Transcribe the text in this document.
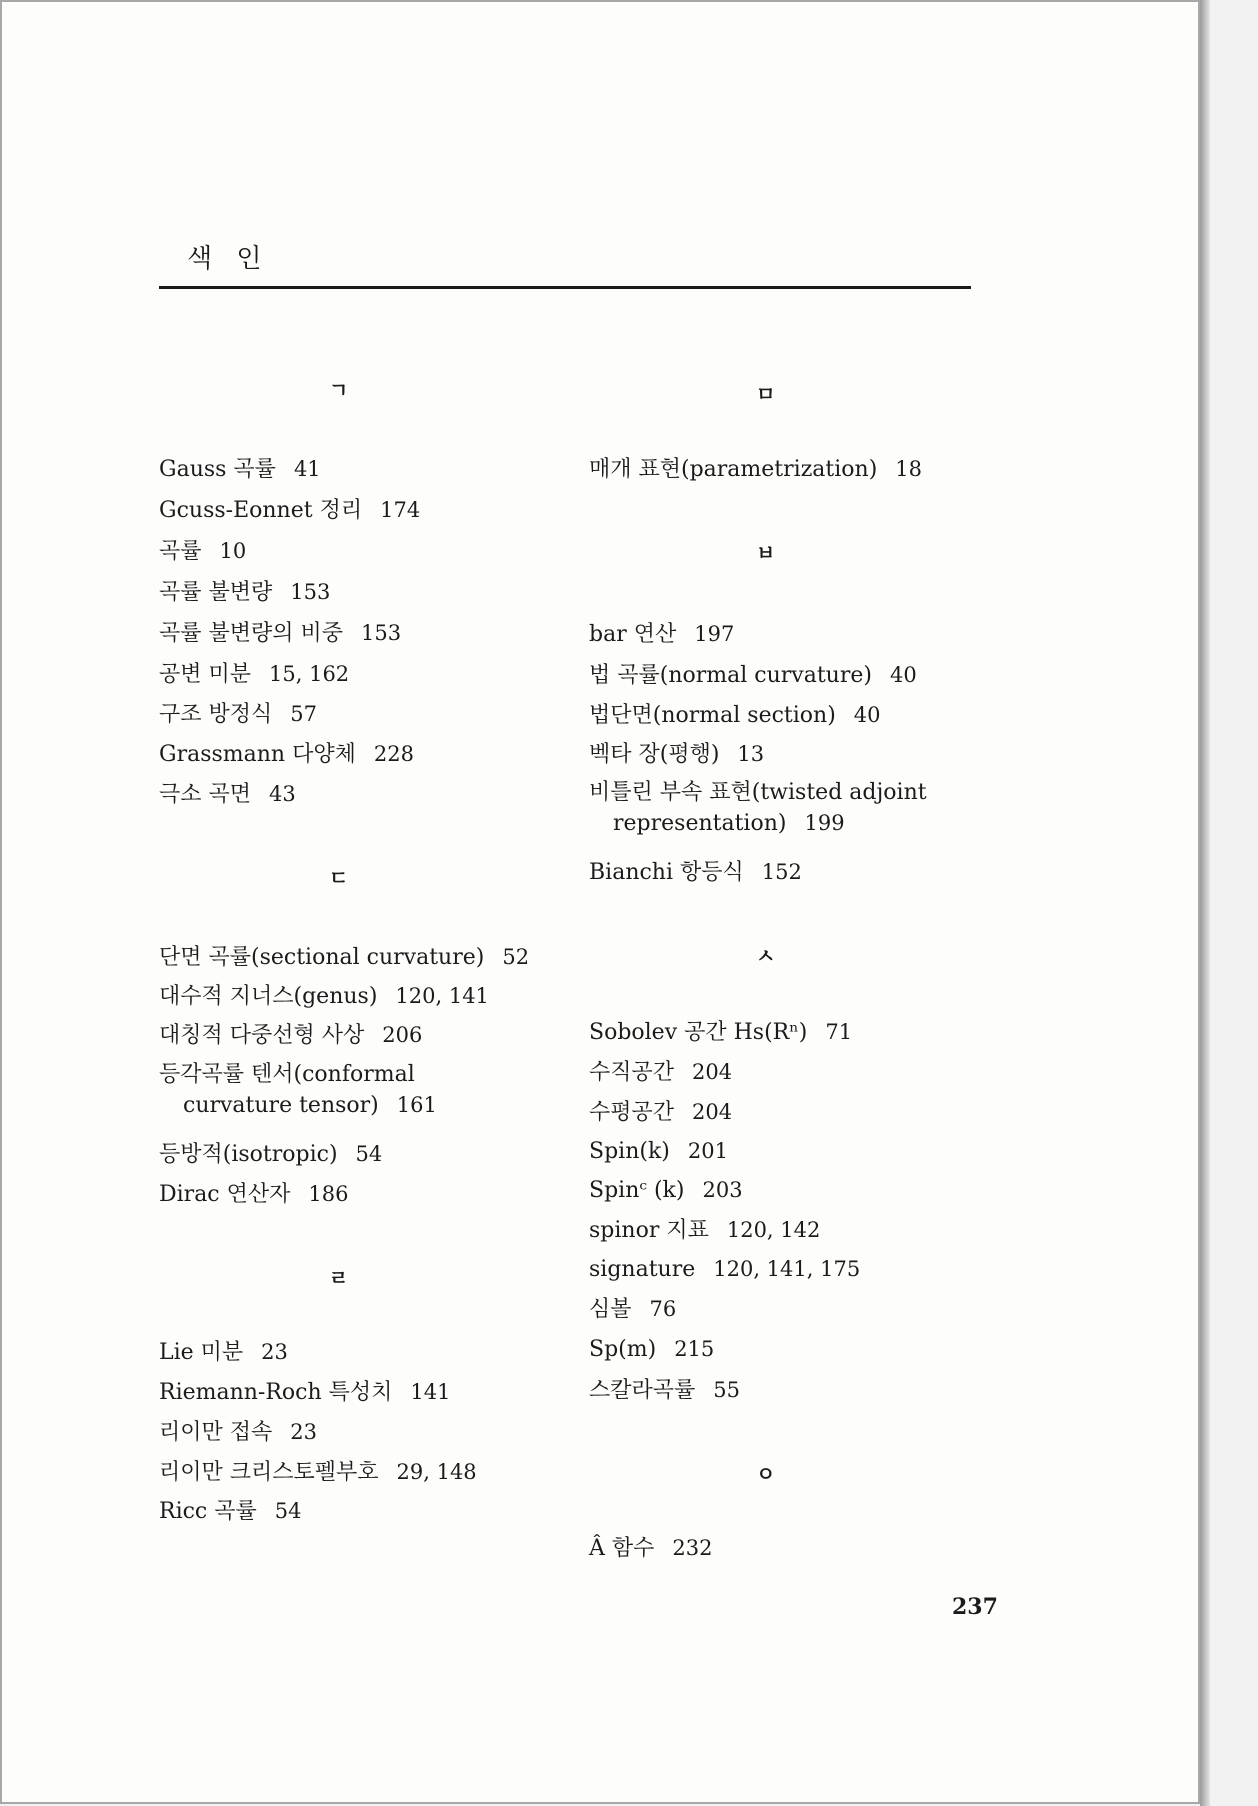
색 인
ㄱ
Gauss 곡률 41
Gcuss-Eonnet 정리 174
곡률 10
곡률 불변량 153
곡률 불변량의 비중 153
공변 미분 15, 162
구조 방정식 57
Grassmann 다양체 228
극소 곡면 43
ㄷ
단면 곡률(sectional curvature) 52
대수적 지너스(genus) 120, 141
대칭적 다중선형 사상 206
등각곡률 텐서(conformal
curvature tensor) 161
등방적(isotropic) 54
Dirac 연산자 186
ㄹ
Lie 미분 23
Riemann-Roch 특성치 141
리이만 접속 23
리이만 크리스토펠부호 29, 148
Ricc 곡률 54
ㅁ
매개 표현(parametrization) 18
ㅂ
bar 연산 197
법 곡률(normal curvature) 40
법단면(normal section) 40
벡타 장(평행) 13
비틀린 부속 표현(twisted adjoint
representation) 199
Bianchi 항등식 152
ㅅ
Sobolev 공간 Hs(Rⁿ) 71
수직공간 204
수평공간 204
Spin(k) 201
Spinᶜ (k) 203
spinor 지표 120, 142
signature 120, 141, 175
심볼 76
Sp(m) 215
스칼라곡률 55
ㅇ
Â 함수 232
237
